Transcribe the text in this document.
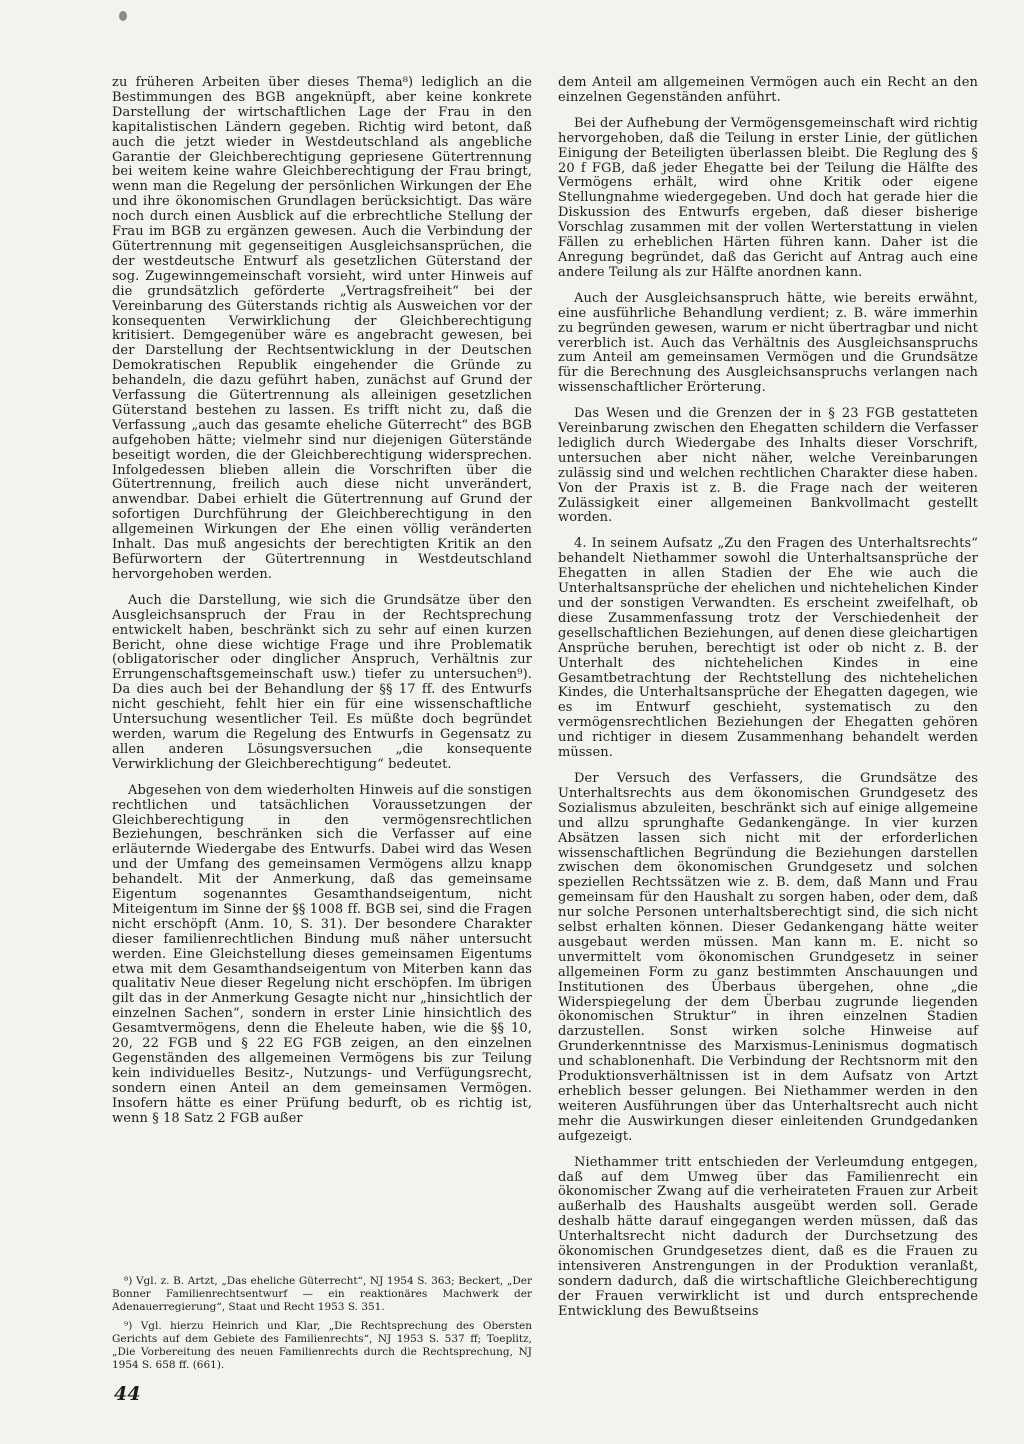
zu früheren Arbeiten über dieses Thema⁸) lediglich an die Bestimmungen des BGB angeknüpft, aber keine konkrete Darstellung der wirtschaftlichen Lage der Frau in den kapitalistischen Ländern gegeben. Richtig wird betont, daß auch die jetzt wieder in Westdeutschland als angebliche Garantie der Gleichberechtigung gepriesene Gütertrennung bei weitem keine wahre Gleichberechtigung der Frau bringt, wenn man die Regelung der persönlichen Wirkungen der Ehe und ihre ökonomischen Grundlagen berücksichtigt. Das wäre noch durch einen Ausblick auf die erbrechtliche Stellung der Frau im BGB zu ergänzen gewesen. Auch die Verbindung der Gütertrennung mit gegenseitigen Ausgleichsansprüchen, die der westdeutsche Entwurf als gesetzlichen Güterstand der sog. Zugewinngemeinschaft vorsieht, wird unter Hinweis auf die grundsätzlich geförderte „Vertragsfreiheit“ bei der Vereinbarung des Güterstands richtig als Ausweichen vor der konsequenten Verwirklichung der Gleichberechtigung kritisiert. Demgegenüber wäre es angebracht gewesen, bei der Darstellung der Rechtsentwicklung in der Deutschen Demokratischen Republik eingehender die Gründe zu behandeln, die dazu geführt haben, zunächst auf Grund der Verfassung die Gütertrennung als alleinigen gesetzlichen Güterstand bestehen zu lassen. Es trifft nicht zu, daß die Verfassung „auch das gesamte eheliche Güterrecht“ des BGB aufgehoben hätte; vielmehr sind nur diejenigen Güterstände beseitigt worden, die der Gleichberechtigung widersprechen. Infolgedessen blieben allein die Vorschriften über die Gütertrennung, freilich auch diese nicht unverändert, anwendbar. Dabei erhielt die Gütertrennung auf Grund der sofortigen Durchführung der Gleichberechtigung in den allgemeinen Wirkungen der Ehe einen völlig veränderten Inhalt. Das muß angesichts der berechtigten Kritik an den Befürwortern der Gütertrennung in Westdeutschland hervorgehoben werden.

Auch die Darstellung, wie sich die Grundsätze über den Ausgleichsanspruch der Frau in der Rechtsprechung entwickelt haben, beschränkt sich zu sehr auf einen kurzen Bericht, ohne diese wichtige Frage und ihre Problematik (obligatorischer oder dinglicher Anspruch, Verhältnis zur Errungenschaftsgemeinschaft usw.) tiefer zu untersuchen⁹). Da dies auch bei der Behandlung der §§ 17 ff. des Entwurfs nicht geschieht, fehlt hier ein für eine wissenschaftliche Untersuchung wesentlicher Teil. Es müßte doch begründet werden, warum die Regelung des Entwurfs in Gegensatz zu allen anderen Lösungsversuchen „die konsequente Verwirklichung der Gleichberechtigung“ bedeutet.

Abgesehen von dem wiederholten Hinweis auf die sonstigen rechtlichen und tatsächlichen Voraussetzungen der Gleichberechtigung in den vermögensrechtlichen Beziehungen, beschränken sich die Verfasser auf eine erläuternde Wiedergabe des Entwurfs. Dabei wird das Wesen und der Umfang des gemeinsamen Vermögens allzu knapp behandelt. Mit der Anmerkung, daß das gemeinsame Eigentum sogenanntes Gesamthandseigentum, nicht Miteigentum im Sinne der §§ 1008 ff. BGB sei, sind die Fragen nicht erschöpft (Anm. 10, S. 31). Der besondere Charakter dieser familienrechtlichen Bindung muß näher untersucht werden. Eine Gleichstellung dieses gemeinsamen Eigentums etwa mit dem Gesamthandseigentum von Miterben kann das qualitativ Neue dieser Regelung nicht erschöpfen. Im übrigen gilt das in der Anmerkung Gesagte nicht nur „hinsichtlich der einzelnen Sachen“, sondern in erster Linie hinsichtlich des Gesamtvermögens, denn die Eheleute haben, wie die §§ 10, 20, 22 FGB und § 22 EG FGB zeigen, an den einzelnen Gegenständen des allgemeinen Vermögens bis zur Teilung kein individuelles Besitz-, Nutzungs- und Verfügungsrecht, sondern einen Anteil an dem gemeinsamen Vermögen. Insofern hätte es einer Prüfung bedurft, ob es richtig ist, wenn § 18 Satz 2 FGB außer

dem Anteil am allgemeinen Vermögen auch ein Recht an den einzelnen Gegenständen anführt.

Bei der Aufhebung der Vermögensgemeinschaft wird richtig hervorgehoben, daß die Teilung in erster Linie, der gütlichen Einigung der Beteiligten überlassen bleibt. Die Reglung des § 20 f FGB, daß jeder Ehegatte bei der Teilung die Hälfte des Vermögens erhält, wird ohne Kritik oder eigene Stellungnahme wiedergegeben. Und doch hat gerade hier die Diskussion des Entwurfs ergeben, daß dieser bisherige Vorschlag zusammen mit der vollen Werterstattung in vielen Fällen zu erheblichen Härten führen kann. Daher ist die Anregung begründet, daß das Gericht auf Antrag auch eine andere Teilung als zur Hälfte anordnen kann.

Auch der Ausgleichsanspruch hätte, wie bereits erwähnt, eine ausführliche Behandlung verdient; z. B. wäre immerhin zu begründen gewesen, warum er nicht übertragbar und nicht vererblich ist. Auch das Verhältnis des Ausgleichsanspruchs zum Anteil am gemeinsamen Vermögen und die Grundsätze für die Berechnung des Ausgleichsanspruchs verlangen nach wissenschaftlicher Erörterung.

Das Wesen und die Grenzen der in § 23 FGB gestatteten Vereinbarung zwischen den Ehegatten schildern die Verfasser lediglich durch Wiedergabe des Inhalts dieser Vorschrift, untersuchen aber nicht näher, welche Vereinbarungen zulässig sind und welchen rechtlichen Charakter diese haben. Von der Praxis ist z. B. die Frage nach der weiteren Zulässigkeit einer allgemeinen Bankvollmacht gestellt worden.

4. In seinem Aufsatz „Zu den Fragen des Unterhaltsrechts“ behandelt Niethammer sowohl die Unterhaltsansprüche der Ehegatten in allen Stadien der Ehe wie auch die Unterhaltsansprüche der ehelichen und nichtehelichen Kinder und der sonstigen Verwandten. Es erscheint zweifelhaft, ob diese Zusammenfassung trotz der Verschiedenheit der gesellschaftlichen Beziehungen, auf denen diese gleichartigen Ansprüche beruhen, berechtigt ist oder ob nicht z. B. der Unterhalt des nichtehelichen Kindes in eine Gesamtbetrachtung der Rechtstellung des nichtehelichen Kindes, die Unterhaltsansprüche der Ehegatten dagegen, wie es im Entwurf geschieht, systematisch zu den vermögensrechtlichen Beziehungen der Ehegatten gehören und richtiger in diesem Zusammenhang behandelt werden müssen.

Der Versuch des Verfassers, die Grundsätze des Unterhaltsrechts aus dem ökonomischen Grundgesetz des Sozialismus abzuleiten, beschränkt sich auf einige allgemeine und allzu sprunghafte Gedankengänge. In vier kurzen Absätzen lassen sich nicht mit der erforderlichen wissenschaftlichen Begründung die Beziehungen darstellen zwischen dem ökonomischen Grundgesetz und solchen speziellen Rechtssätzen wie z. B. dem, daß Mann und Frau gemeinsam für den Haushalt zu sorgen haben, oder dem, daß nur solche Personen unterhaltsberechtigt sind, die sich nicht selbst erhalten können. Dieser Gedankengang hätte weiter ausgebaut werden müssen. Man kann m. E. nicht so unvermittelt vom ökonomischen Grundgesetz in seiner allgemeinen Form zu ganz bestimmten Anschauungen und Institutionen des Überbaus übergehen, ohne „die Widerspiegelung der dem Überbau zugrunde liegenden ökonomischen Struktur“ in ihren einzelnen Stadien darzustellen. Sonst wirken solche Hinweise auf Grunderkenntnisse des Marxismus-Leninismus dogmatisch und schablonenhaft. Die Verbindung der Rechtsnorm mit den Produktionsverhältnissen ist in dem Aufsatz von Artzt erheblich besser gelungen. Bei Niethammer werden in den weiteren Ausführungen über das Unterhaltsrecht auch nicht mehr die Auswirkungen dieser einleitenden Grundgedanken aufgezeigt.

Niethammer tritt entschieden der Verleumdung entgegen, daß auf dem Umweg über das Familienrecht ein ökonomischer Zwang auf die verheirateten Frauen zur Arbeit außerhalb des Haushalts ausgeübt werden soll. Gerade deshalb hätte darauf eingegangen werden müssen, daß das Unterhaltsrecht nicht dadurch der Durchsetzung des ökonomischen Grundgesetzes dient, daß es die Frauen zu intensiveren Anstrengungen in der Produktion veranlaßt, sondern dadurch, daß die wirtschaftliche Gleichberechtigung der Frauen verwirklicht ist und durch entsprechende Entwicklung des Bewußtseins

⁸) Vgl. z. B. Artzt, „Das eheliche Güterrecht“, NJ 1954 S. 363; Beckert, „Der Bonner Familienrechtsentwurf — ein reaktionäres Machwerk der Adenauerregierung“, Staat und Recht 1953 S. 351.

⁹) Vgl. hierzu Heinrich und Klar, „Die Rechtsprechung des Obersten Gerichts auf dem Gebiete des Familienrechts“, NJ 1953 S. 537 ff; Toeplitz, „Die Vorbereitung des neuen Familienrechts durch die Rechtsprechung, NJ 1954 S. 658 ff. (661).

44
